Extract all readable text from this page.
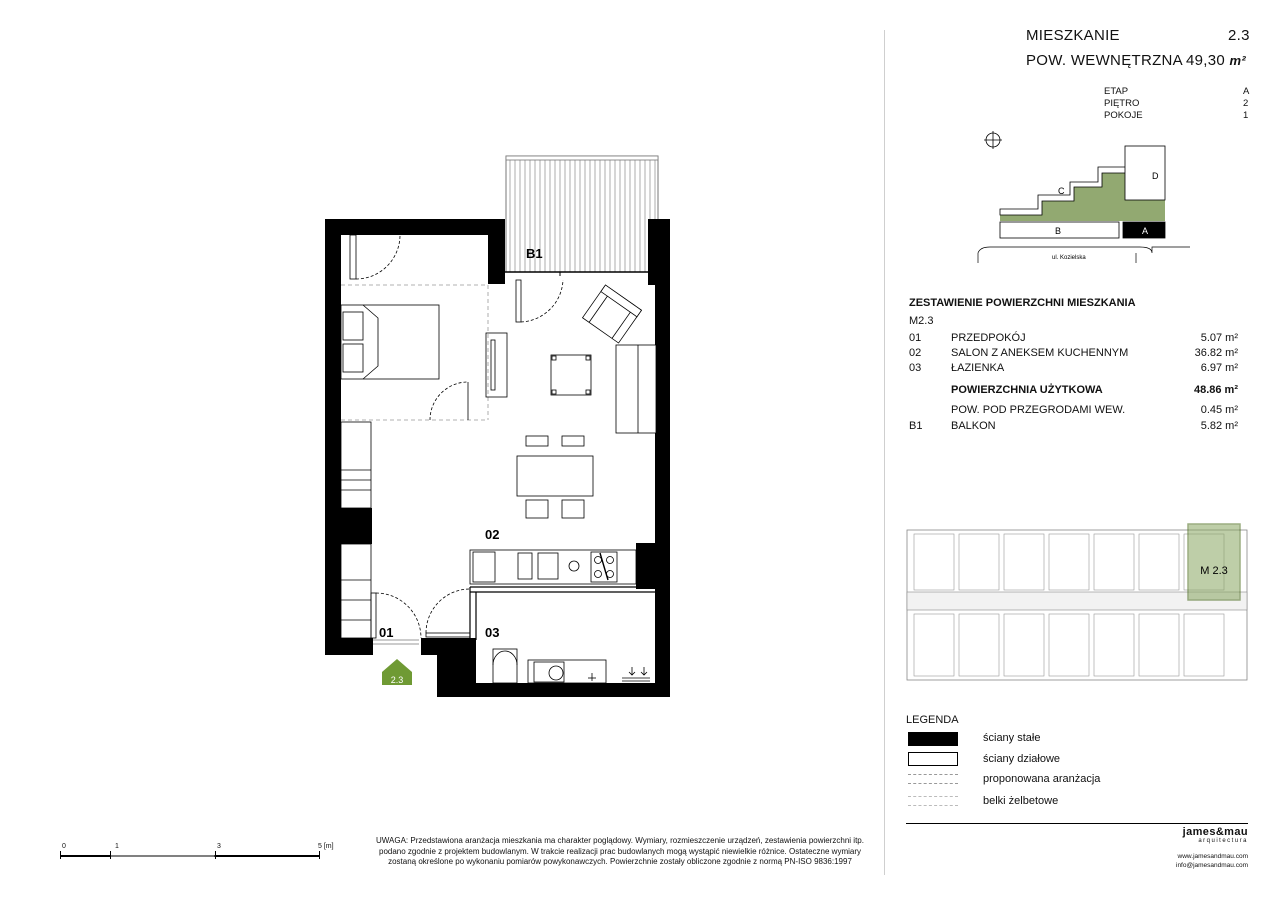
02
01	03
B1
2.3
0	1	3	5 [m]
UWAGA: Przedstawiona aranżacja mieszkania ma charakter poglądowy. Wymiary, rozmieszczenie urządzeń, zestawienia powierzchni itp.
podano zgodnie z projektem budowlanym. W trakcie realizacji prac budowlanych mogą wystąpić niewielkie różnice. Ostateczne wymiary
zostaną określone po wykonaniu pomiarów powykonawczych. Powierzchnie zostały obliczone zgodnie z normą PN-ISO 9836:1997
MIESZKANIE	2.3
POW. WEWNĘTRZNA 49,30 m²
ETAP	A
PIĘTRO	2
POKOJE	1
C
D
B	A
ul. Kozielska
ZESTAWIENIE POWIERZCHNI MIESZKANIA
M2.3
01	PRZEDPOKÓJ	5.07 m²
02	SALON Z ANEKSEM KUCHENNYM	36.82 m²
03	ŁAZIENKA	6.97 m²
POWIERZCHNIA UŻYTKOWA	48.86 m²
POW. POD PRZEGRODAMI WEW.	0.45 m²
B1	BALKON	5.82 m²
M 2.3
LEGENDA
ściany stałe
ściany działowe
proponowana aranżacja
belki żelbetowe
james&mau
arquitectura
www.jamesandmau.com
info@jamesandmau.com
